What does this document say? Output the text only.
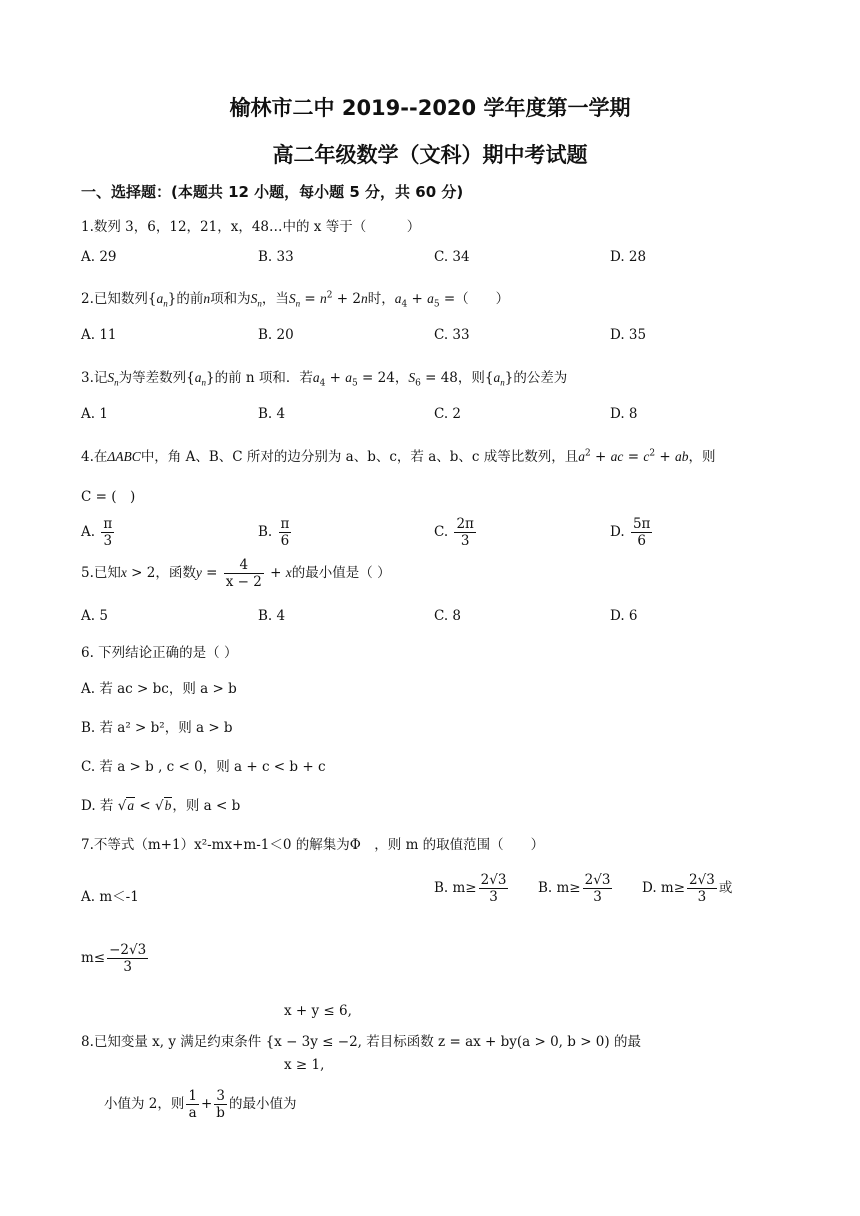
榆林市二中 2019--2020 学年度第一学期
高二年级数学（文科）期中考试题
一、选择题：(本题共 12 小题，每小题 5 分，共 60 分)
1.数列 3，6，12，21，x，48…中的 x 等于（　　　）
A. 29	B. 33	C. 34	D. 28
2.已知数列$\{a_n\}$的前n项和为$S_n$，当$S_n = n^2 + 2n$时，$a_4 + a_5$ =（　　）
A. 11	B. 20	C. 33	D. 35
3.记$S_n$为等差数列$\{a_n\}$的前 n 项和．若$a_4 + a_5 = 24$，$S_6 = 48$，则$\{a_n\}$的公差为
A. 1	B. 4	C. 2	D. 8
4.在ΔABC中，角 A、B、C 所对的边分别为 a、b、c，若 a、b、c 成等比数列，且$a^2$ + ac = $c^2$ + ab，则
C = (　)
A. $\frac{\pi}{3}$	B. $\frac{\pi}{6}$	C. $\frac{2\pi}{3}$	D. $\frac{5\pi}{6}$
5.已知x > 2，函数$y = \frac{4}{x - 2} + x$的最小值是（ ）
A. 5	B. 4	C. 8	D. 6
6. 下列结论正确的是（ ）
A. 若 ac > bc，则 a > b
B. 若 a² > b²，则 a > b
C. 若 a > b , c < 0，则 a + c < b + c
D. 若 √a < √b，则 a < b
7.不等式（m+1）x²-mx+m-1＜0 的解集为Φ　，则 m 的取值范围（　　）
A. m＜-1
B. $m\ge \frac{2√3}{3} B$. $m\ge \frac{2√3}{3} D$. $m\ge \frac{2√3}{3}$ 或
$m\le \frac{-2√3}{3}$
x + y ≤ 6,
8.已知变量 x, y 满足约束条件 {x − 3y ≤ −2, 若目标函数 z = ax + by(a > 0, b > 0) 的最
x ≥ 1,
小值为 2，则 $\frac{1}{a} + \frac{3}{b}$ 的最小值为
